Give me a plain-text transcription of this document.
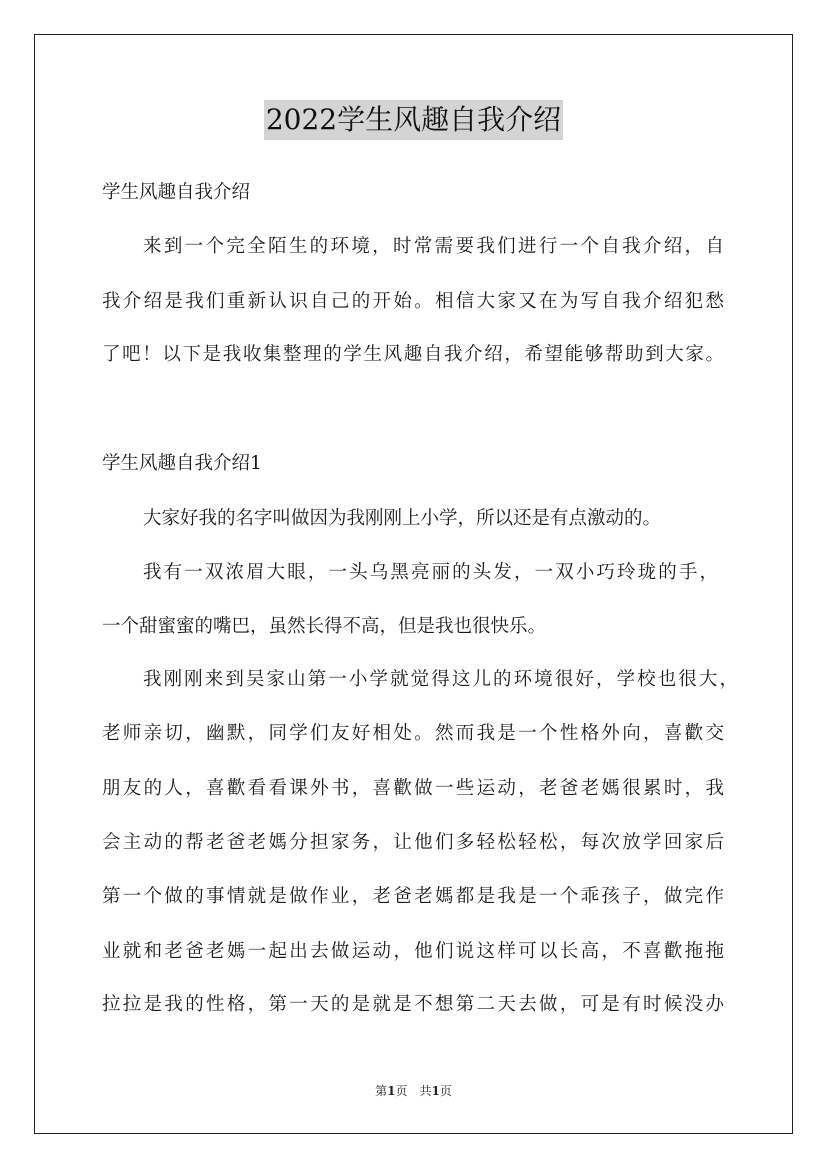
2022学生风趣自我介绍
学生风趣自我介绍
来到一个完全陌生的环境，时常需要我们进行一个自我介绍，自
我介绍是我们重新认识自己的开始。相信大家又在为写自我介绍犯愁
了吧！以下是我收集整理的学生风趣自我介绍，希望能够帮助到大家。
学生风趣自我介绍1
大家好我的名字叫做因为我刚刚上小学，所以还是有点激动的。
我有一双浓眉大眼，一头乌黑亮丽的头发，一双小巧玲珑的手，
一个甜蜜蜜的嘴巴，虽然长得不高，但是我也很快乐。
我刚刚来到吴家山第一小学就觉得这儿的环境很好，学校也很大，
老师亲切，幽默，同学们友好相处。然而我是一个性格外向，喜歡交
朋友的人，喜歡看看课外书，喜歡做一些运动，老爸老媽很累时，我
会主动的帮老爸老媽分担家务，让他们多轻松轻松，每次放学回家后
第一个做的事情就是做作业，老爸老媽都是我是一个乖孩子，做完作
业就和老爸老媽一起出去做运动，他们说这样可以长高，不喜歡拖拖
拉拉是我的性格，第一天的是就是不想第二天去做，可是有时候没办
第1页　共1页
